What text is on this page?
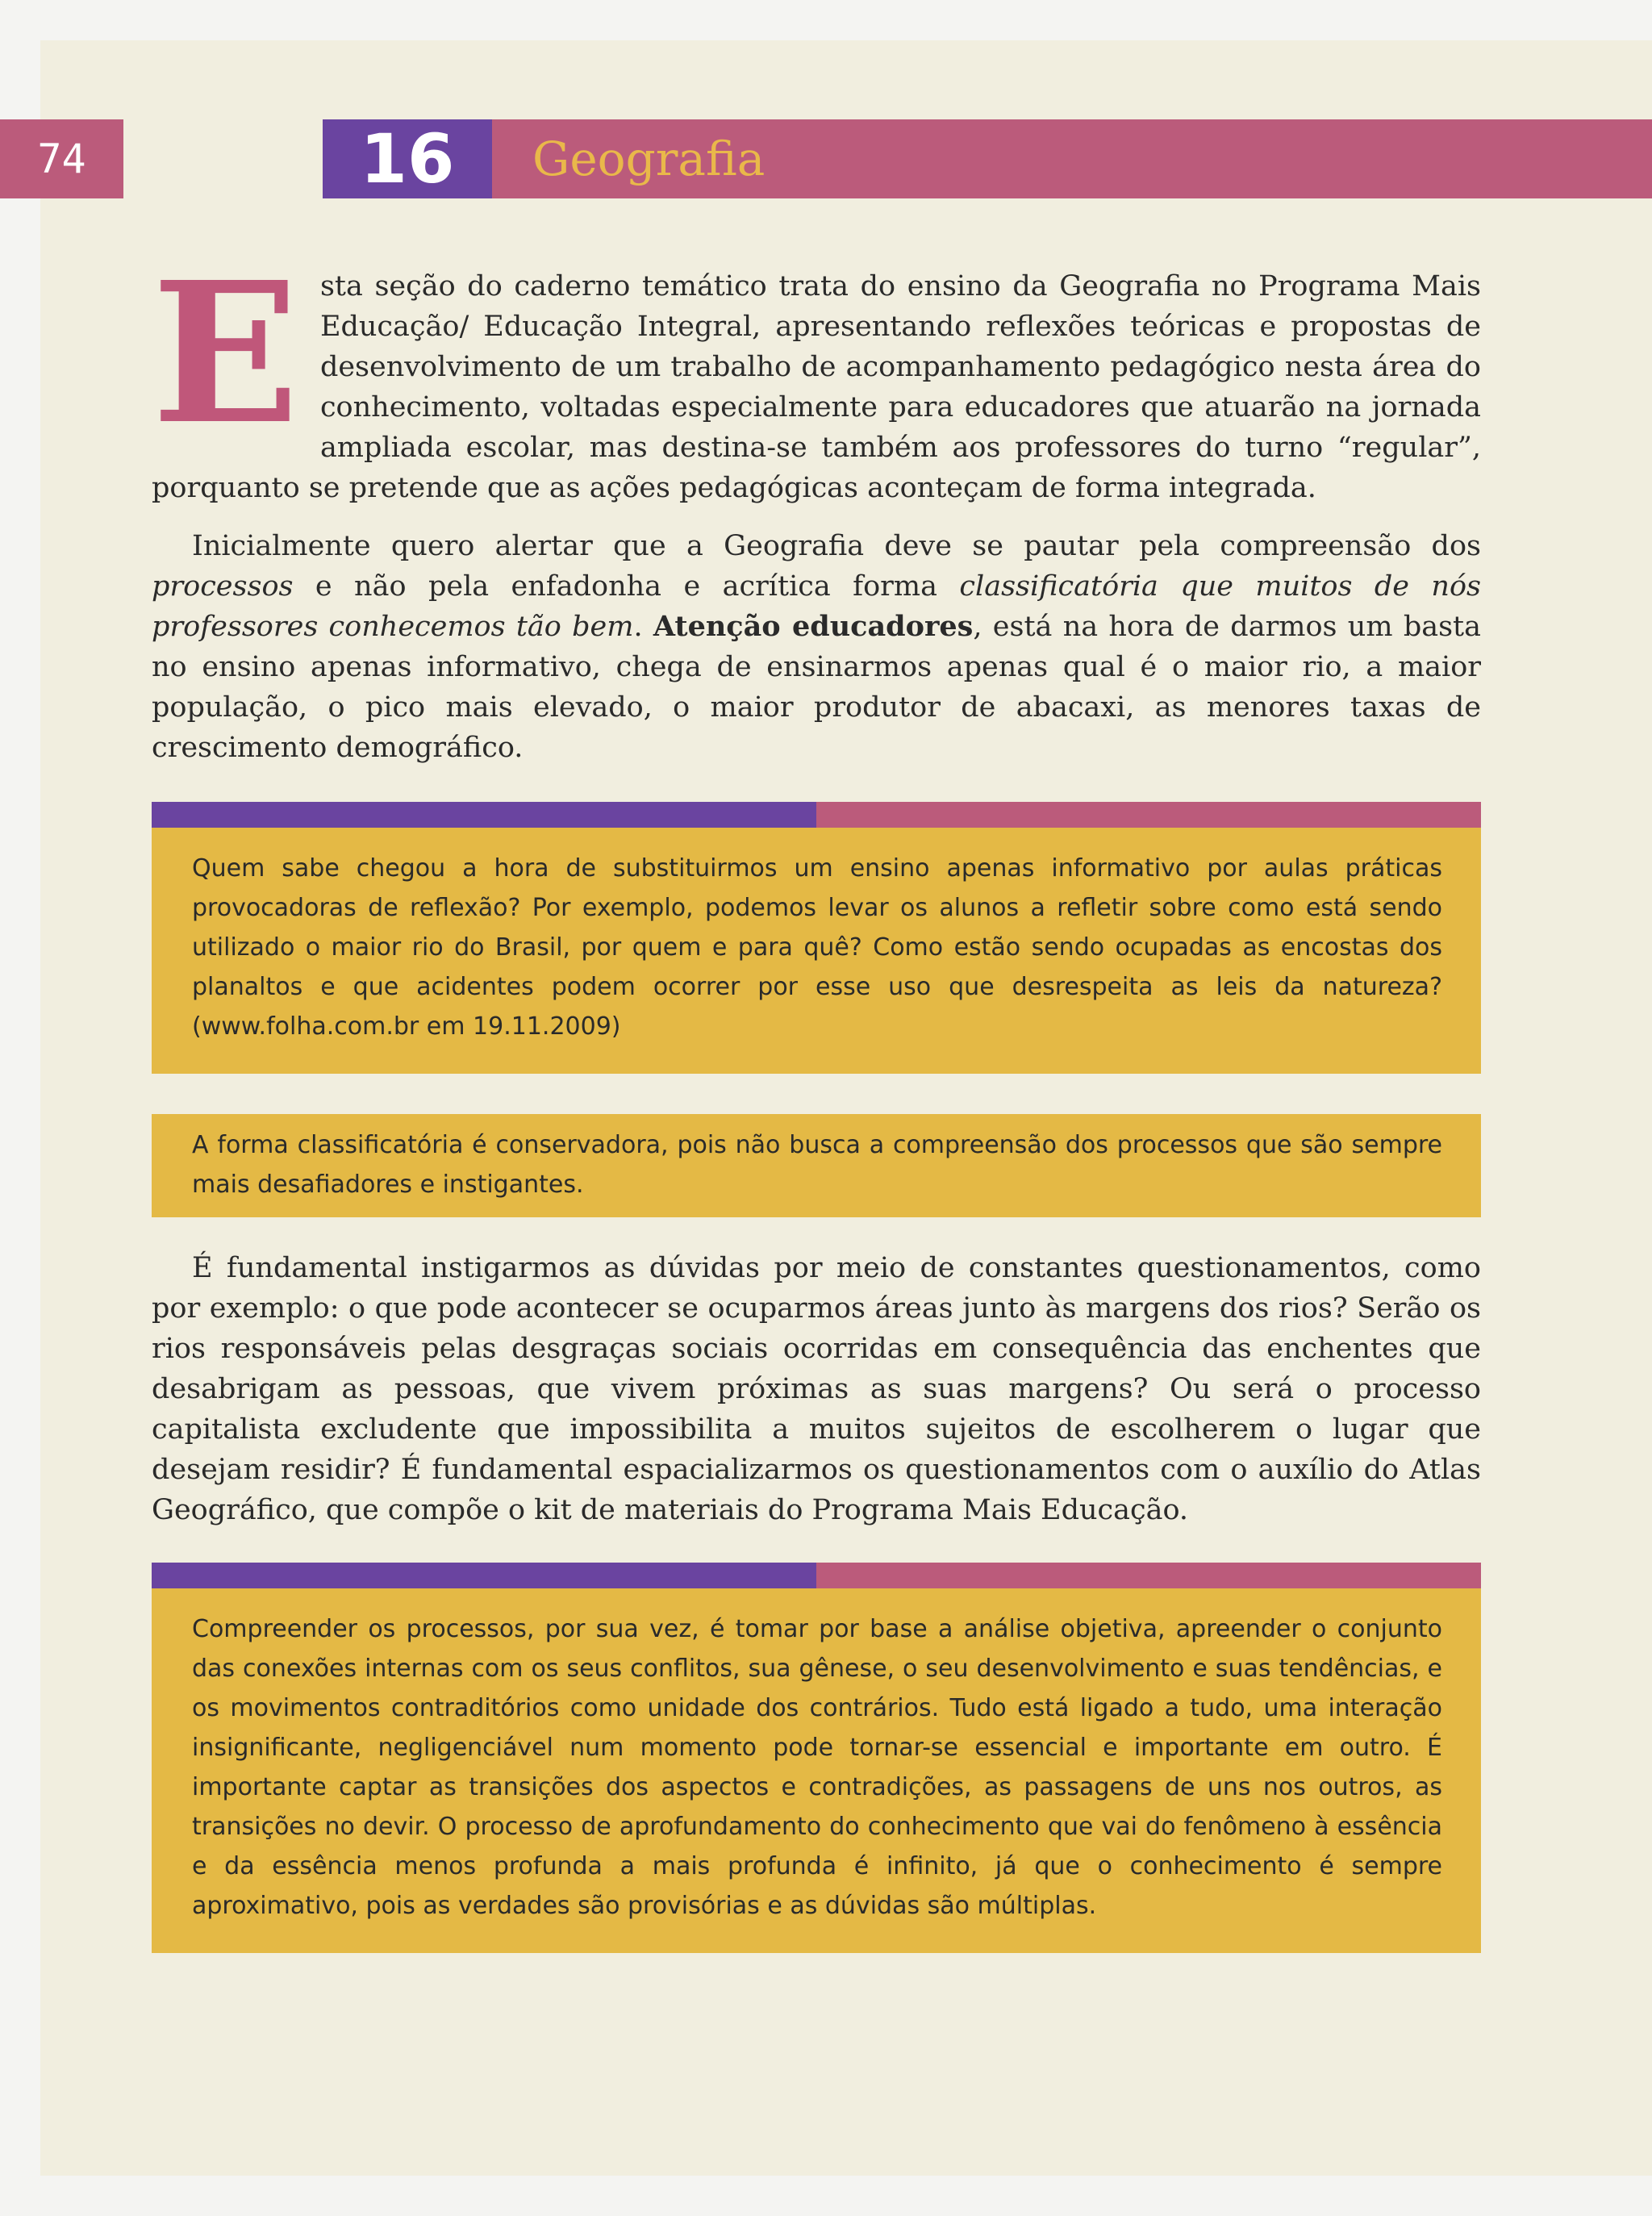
74	16	Geografia

Esta seção do caderno temático trata do ensino da Geografia no Programa Mais Educação/ Educação Integral, apresentando reflexões teóricas e propostas de desenvolvimento de um trabalho de acompanhamento pedagógico nesta área do conhecimento, voltadas especialmente para educadores que atuarão na jornada ampliada escolar, mas destina-se também aos professores do turno “regular”, porquanto se pretende que as ações pedagógicas aconteçam de forma integrada.

Inicialmente quero alertar que a Geografia deve se pautar pela compreensão dos processos e não pela enfadonha e acrítica forma classificatória que muitos de nós professores conhecemos tão bem. Atenção educadores, está na hora de darmos um basta no ensino apenas informativo, chega de ensinarmos apenas qual é o maior rio, a maior população, o pico mais elevado, o maior produtor de abacaxi, as menores taxas de crescimento demográfico.

Quem sabe chegou a hora de substituirmos um ensino apenas informativo por aulas práticas provocadoras de reflexão? Por exemplo, podemos levar os alunos a refletir sobre como está sendo utilizado o maior rio do Brasil, por quem e para quê? Como estão sendo ocupadas as encostas dos planaltos e que acidentes podem ocorrer por esse uso que desrespeita as leis da natureza? (www.folha.com.br em 19.11.2009)

A forma classificatória é conservadora, pois não busca a compreensão dos processos que são sempre mais desafiadores e instigantes.

É fundamental instigarmos as dúvidas por meio de constantes questionamentos, como por exemplo: o que pode acontecer se ocuparmos áreas junto às margens dos rios? Serão os rios responsáveis pelas desgraças sociais ocorridas em consequência das enchentes que desabrigam as pessoas, que vivem próximas as suas margens? Ou será o processo capitalista excludente que impossibilita a muitos sujeitos de escolherem o lugar que desejam residir? É fundamental espacializarmos os questionamentos com o auxílio do Atlas Geográfico, que compõe o kit de materiais do Programa Mais Educação.

Compreender os processos, por sua vez, é tomar por base a análise objetiva, apreender o conjunto das conexões internas com os seus conflitos, sua gênese, o seu desenvolvimento e suas tendências, e os movimentos contraditórios como unidade dos contrários. Tudo está ligado a tudo, uma interação insignificante, negligenciável num momento pode tornar-se essencial e importante em outro. É importante captar as transições dos aspectos e contradições, as passagens de uns nos outros, as transições no devir. O processo de aprofundamento do conhecimento que vai do fenômeno à essência e da essência menos profunda a mais profunda é infinito, já que o conhecimento é sempre aproximativo, pois as verdades são provisórias e as dúvidas são múltiplas.
